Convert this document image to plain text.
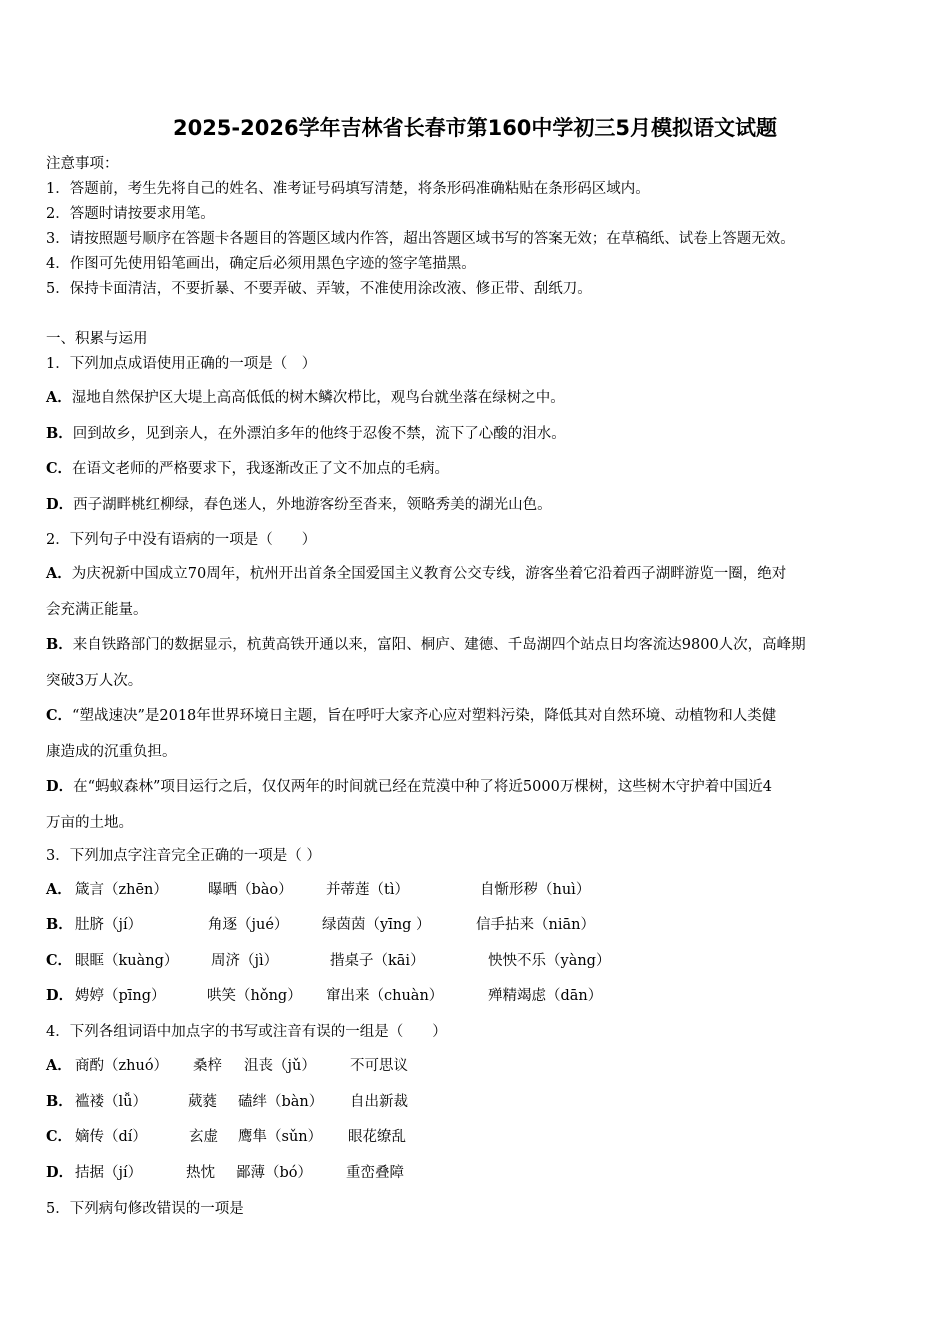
2025-2026学年吉林省长春市第160中学初三5月模拟语文试题
注意事项：
1．答题前，考生先将自己的姓名、准考证号码填写清楚，将条形码准确粘贴在条形码区域内。
2．答题时请按要求用笔。
3．请按照题号顺序在答题卡各题目的答题区域内作答，超出答题区域书写的答案无效；在草稿纸、试卷上答题无效。
4．作图可先使用铅笔画出，确定后必须用黑色字迹的签字笔描黑。
5．保持卡面清洁，不要折暴、不要弄破、弄皱，不准使用涂改液、修正带、刮纸刀。
一、积累与运用
1．下列加点成语使用正确的一项是（　）
A．湿地自然保护区大堤上高高低低的树木鳞次栉比，观鸟台就坐落在绿树之中。
B．回到故乡，见到亲人，在外漂泊多年的他终于忍俊不禁，流下了心酸的泪水。
C．在语文老师的严格要求下，我逐渐改正了文不加点的毛病。
D．西子湖畔桃红柳绿，春色迷人，外地游客纷至沓来，领略秀美的湖光山色。
2．下列句子中没有语病的一项是（　　）
A．为庆祝新中国成立70周年，杭州开出首条全国爱国主义教育公交专线，游客坐着它沿着西子湖畔游览一圈，绝对
会充满正能量。
B．来自铁路部门的数据显示，杭黄高铁开通以来，富阳、桐庐、建德、千岛湖四个站点日均客流达9800人次，高峰期
突破3万人次。
C．“塑战速决”是2018年世界环境日主题，旨在呼吁大家齐心应对塑料污染，降低其对自然环境、动植物和人类健
康造成的沉重负担。
D．在“蚂蚁森林”项目运行之后，仅仅两年的时间就已经在荒漠中种了将近5000万棵树，这些树木守护着中国近4
万亩的土地。
3．下列加点字注音完全正确的一项是（ ）
A． 箴言（zhēn）	曝晒（bào） 并蒂莲（tì）	自惭形秽（huì）
B． 肚脐（jí）	角逐（jué） 绿茵茵（yīng ）	信手拈来（niān）
C． 眼眶（kuàng） 周济（jì）	揩桌子（kāi）	怏怏不乐（yàng）
D． 娉婷（pīng）	哄笑（hǒng） 窜出来（chuàn）	殚精竭虑（dān）
4．下列各组词语中加点字的书写或注音有误的一组是（　　）
A． 商酌（zhuó） 桑梓 沮丧（jǔ） 不可思议
B． 褴褛（lǚ）	葳蕤 磕绊（bàn） 自出新裁
C． 嫡传（dí）	玄虚 鹰隼（sǔn） 眼花缭乱
D． 拮据（jí）	热忱 鄙薄（bó） 重峦叠障
5．下列病句修改错误的一项是
